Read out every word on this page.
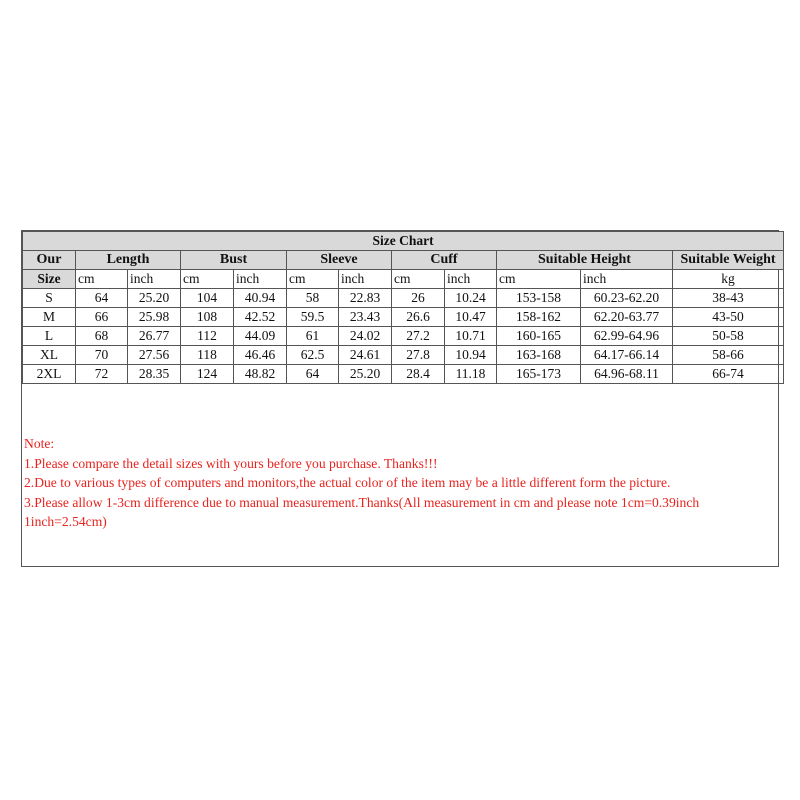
Size Chart											
Our	Length		Bust		Sleeve		Cuff		Suitable Height		Suitable Weight
Size	cm	inch	cm	inch	cm	inch	cm	inch	cm	inch	kg
S	64	25.20	104	40.94	58	22.83	26	10.24	153-158	60.23-62.20	38-43
M	66	25.98	108	42.52	59.5	23.43	26.6	10.47	158-162	62.20-63.77	43-50
L	68	26.77	112	44.09	61	24.02	27.2	10.71	160-165	62.99-64.96	50-58
XL	70	27.56	118	46.46	62.5	24.61	27.8	10.94	163-168	64.17-66.14	58-66
2XL	72	28.35	124	48.82	64	25.20	28.4	11.18	165-173	64.96-68.11	66-74
Note:
1.Please compare the detail sizes with yours before you purchase. Thanks!!!
2.Due to various types of computers and monitors,the actual color of the item may be a little different form the picture.
3.Please allow 1-3cm difference due to manual measurement.Thanks(All measurement in cm and please note 1cm=0.39inch
1inch=2.54cm)
